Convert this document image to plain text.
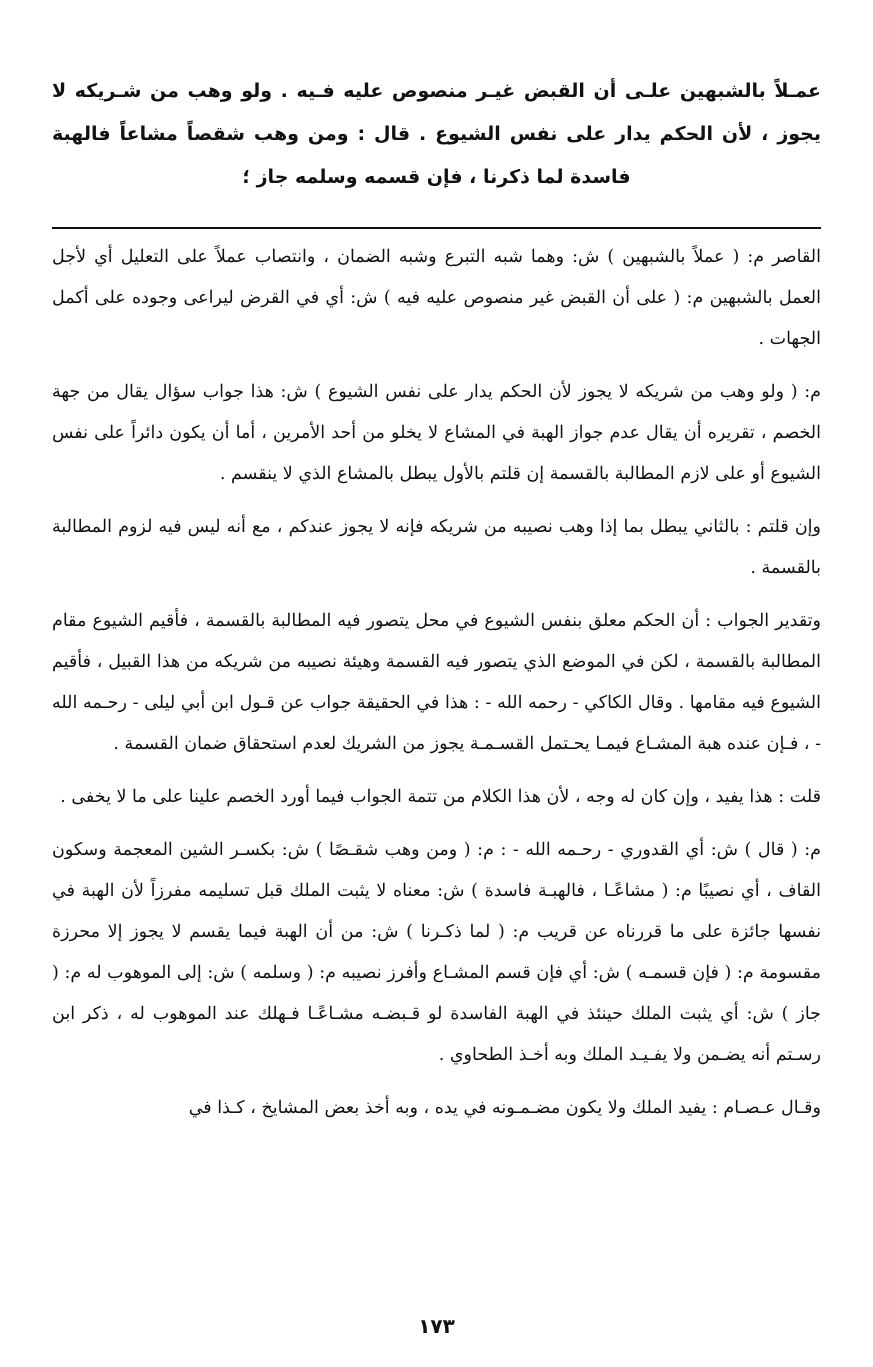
عمـلاً بالشبهين علـى أن القبض غيـر منصوص عليه فـيه . ولو وهب من شـريكه لا يجوز ، لأن الحكم يدار على نفس الشيوع . قال : ومن وهب شقصاً مشاعاً فالهبة فاسدة لما ذكرنا ، فإن قسمه وسلمه جاز ؛

القاصر م: ( عملاً بالشبهين ) ش: وهما شبه التبرع وشبه الضمان ، وانتصاب عملاً على التعليل أي لأجل العمل بالشبهين م: ( على أن القبض غير منصوص عليه فيه ) ش: أي في القرض ليراعى وجوده على أكمل الجهات .

م: ( ولو وهب من شريكه لا يجوز لأن الحكم يدار على نفس الشيوع ) ش: هذا جواب سؤال يقال من جهة الخصم ، تقريره أن يقال عدم جواز الهبة في المشاع لا يخلو من أحد الأمرين ، أما أن يكون دائراً على نفس الشيوع أو على لازم المطالبة بالقسمة إن قلتم بالأول يبطل بالمشاع الذي لا ينقسم .

وإن قلتم : بالثاني يبطل بما إذا وهب نصيبه من شريكه فإنه لا يجوز عندكم ، مع أنه ليس فيه لزوم المطالبة بالقسمة .

وتقدير الجواب : أن الحكم معلق بنفس الشيوع في محل يتصور فيه المطالبة بالقسمة ، فأقيم الشيوع مقام المطالبة بالقسمة ، لكن في الموضع الذي يتصور فيه القسمة وهيئة نصيبه من شريكه من هذا القبيل ، فأقيم الشيوع فيه مقامها . وقال الكاكي - رحمه الله - : هذا في الحقيقة جواب عن قـول ابن أبي ليلى - رحـمه الله - ، فـإن عنده هبة المشـاع فيمـا يحـتمل القسـمـة يجوز من الشريك لعدم استحقاق ضمان القسمة .

قلت : هذا يفيد ، وإن كان له وجه ، لأن هذا الكلام من تتمة الجواب فيما أورد الخصم علينا على ما لا يخفى .

م: ( قال ) ش: أي القدوري - رحـمه الله - : م: ( ومن وهب شقـصًا ) ش: بكسـر الشين المعجمة وسكون القاف ، أي نصيبًا م: ( مشاعًـا ، فالهبـة فاسدة ) ش: معناه لا يثبت الملك قبل تسليمه مفرزاً لأن الهبة في نفسها جائزة على ما قررناه عن قريب م: ( لما ذكـرنا ) ش: من أن الهبة فيما يقسم لا يجوز إلا محرزة مقسومة م: ( فإن قسمـه ) ش: أي فإن قسم المشـاع وأفرز نصيبه م: ( وسلمه ) ش: إلى الموهوب له م: ( جاز ) ش: أي يثبت الملك حينئذ في الهبة الفاسدة لو قـبضـه مشـاعًـا فـهلك عند الموهوب له ، ذكر ابن رسـتم أنه يضـمن ولا يفـيـد الملك وبه أخـذ الطحاوي .

وقـال عـصـام : يفيد الملك ولا يكون مضـمـونه في يده ، وبه أخذ بعض المشايخ ، كـذا في

١٧٣
